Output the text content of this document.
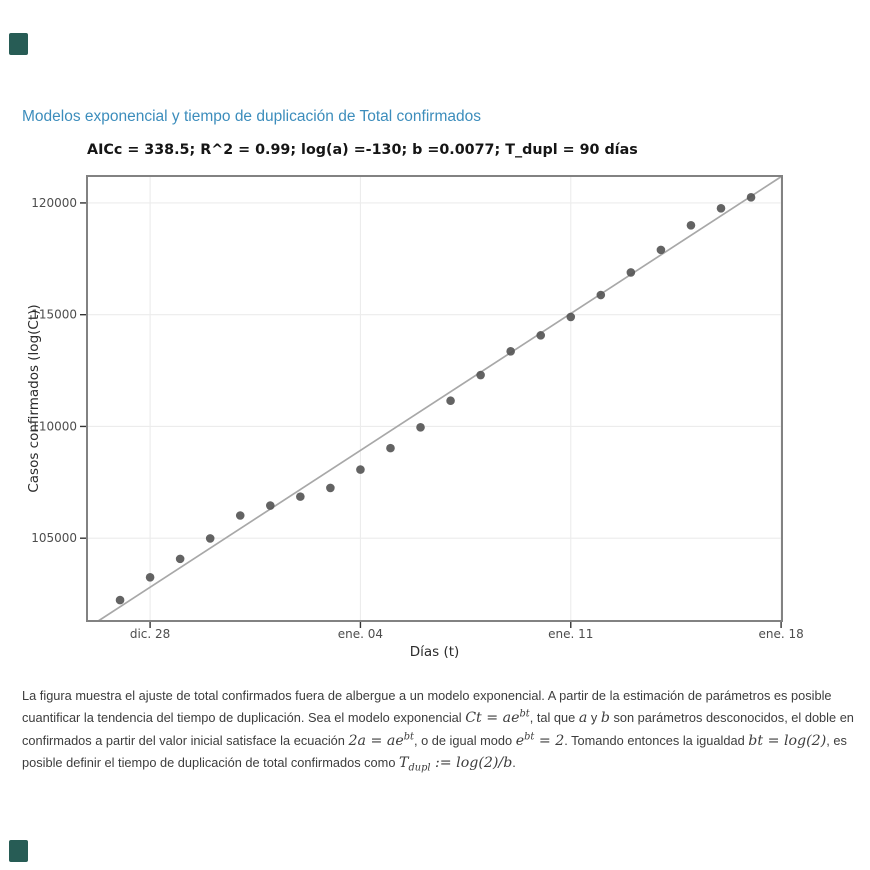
Modelos exponencial y tiempo de duplicación de Total confirmados
AICc = 338.5; R^2 = 0.99; log(a) =-130; b =0.0077; T_dupl = 90 días
dic. 28	ene. 04	ene. 11	ene. 18
105000
110000
115000
120000
Días (t)
Casos confirmados (log(Ct))

La figura muestra el ajuste de total confirmados fuera de albergue a un modelo exponencial. A partir de la estimación de parámetros es posible cuantificar la tendencia del tiempo de duplicación. Sea el modelo exponencial $Ct = ae^{bt}$, tal que a y b son parámetros desconocidos, el doble en confirmados a partir del valor inicial satisface la ecuación $2a = ae^{bt}$, o de igual modo $e^{bt} = 2$. Tomando entonces la igualdad bt = log(2), es posible definir el tiempo de duplicación de total confirmados como $T_{dupl}$ := log(2)/b.
